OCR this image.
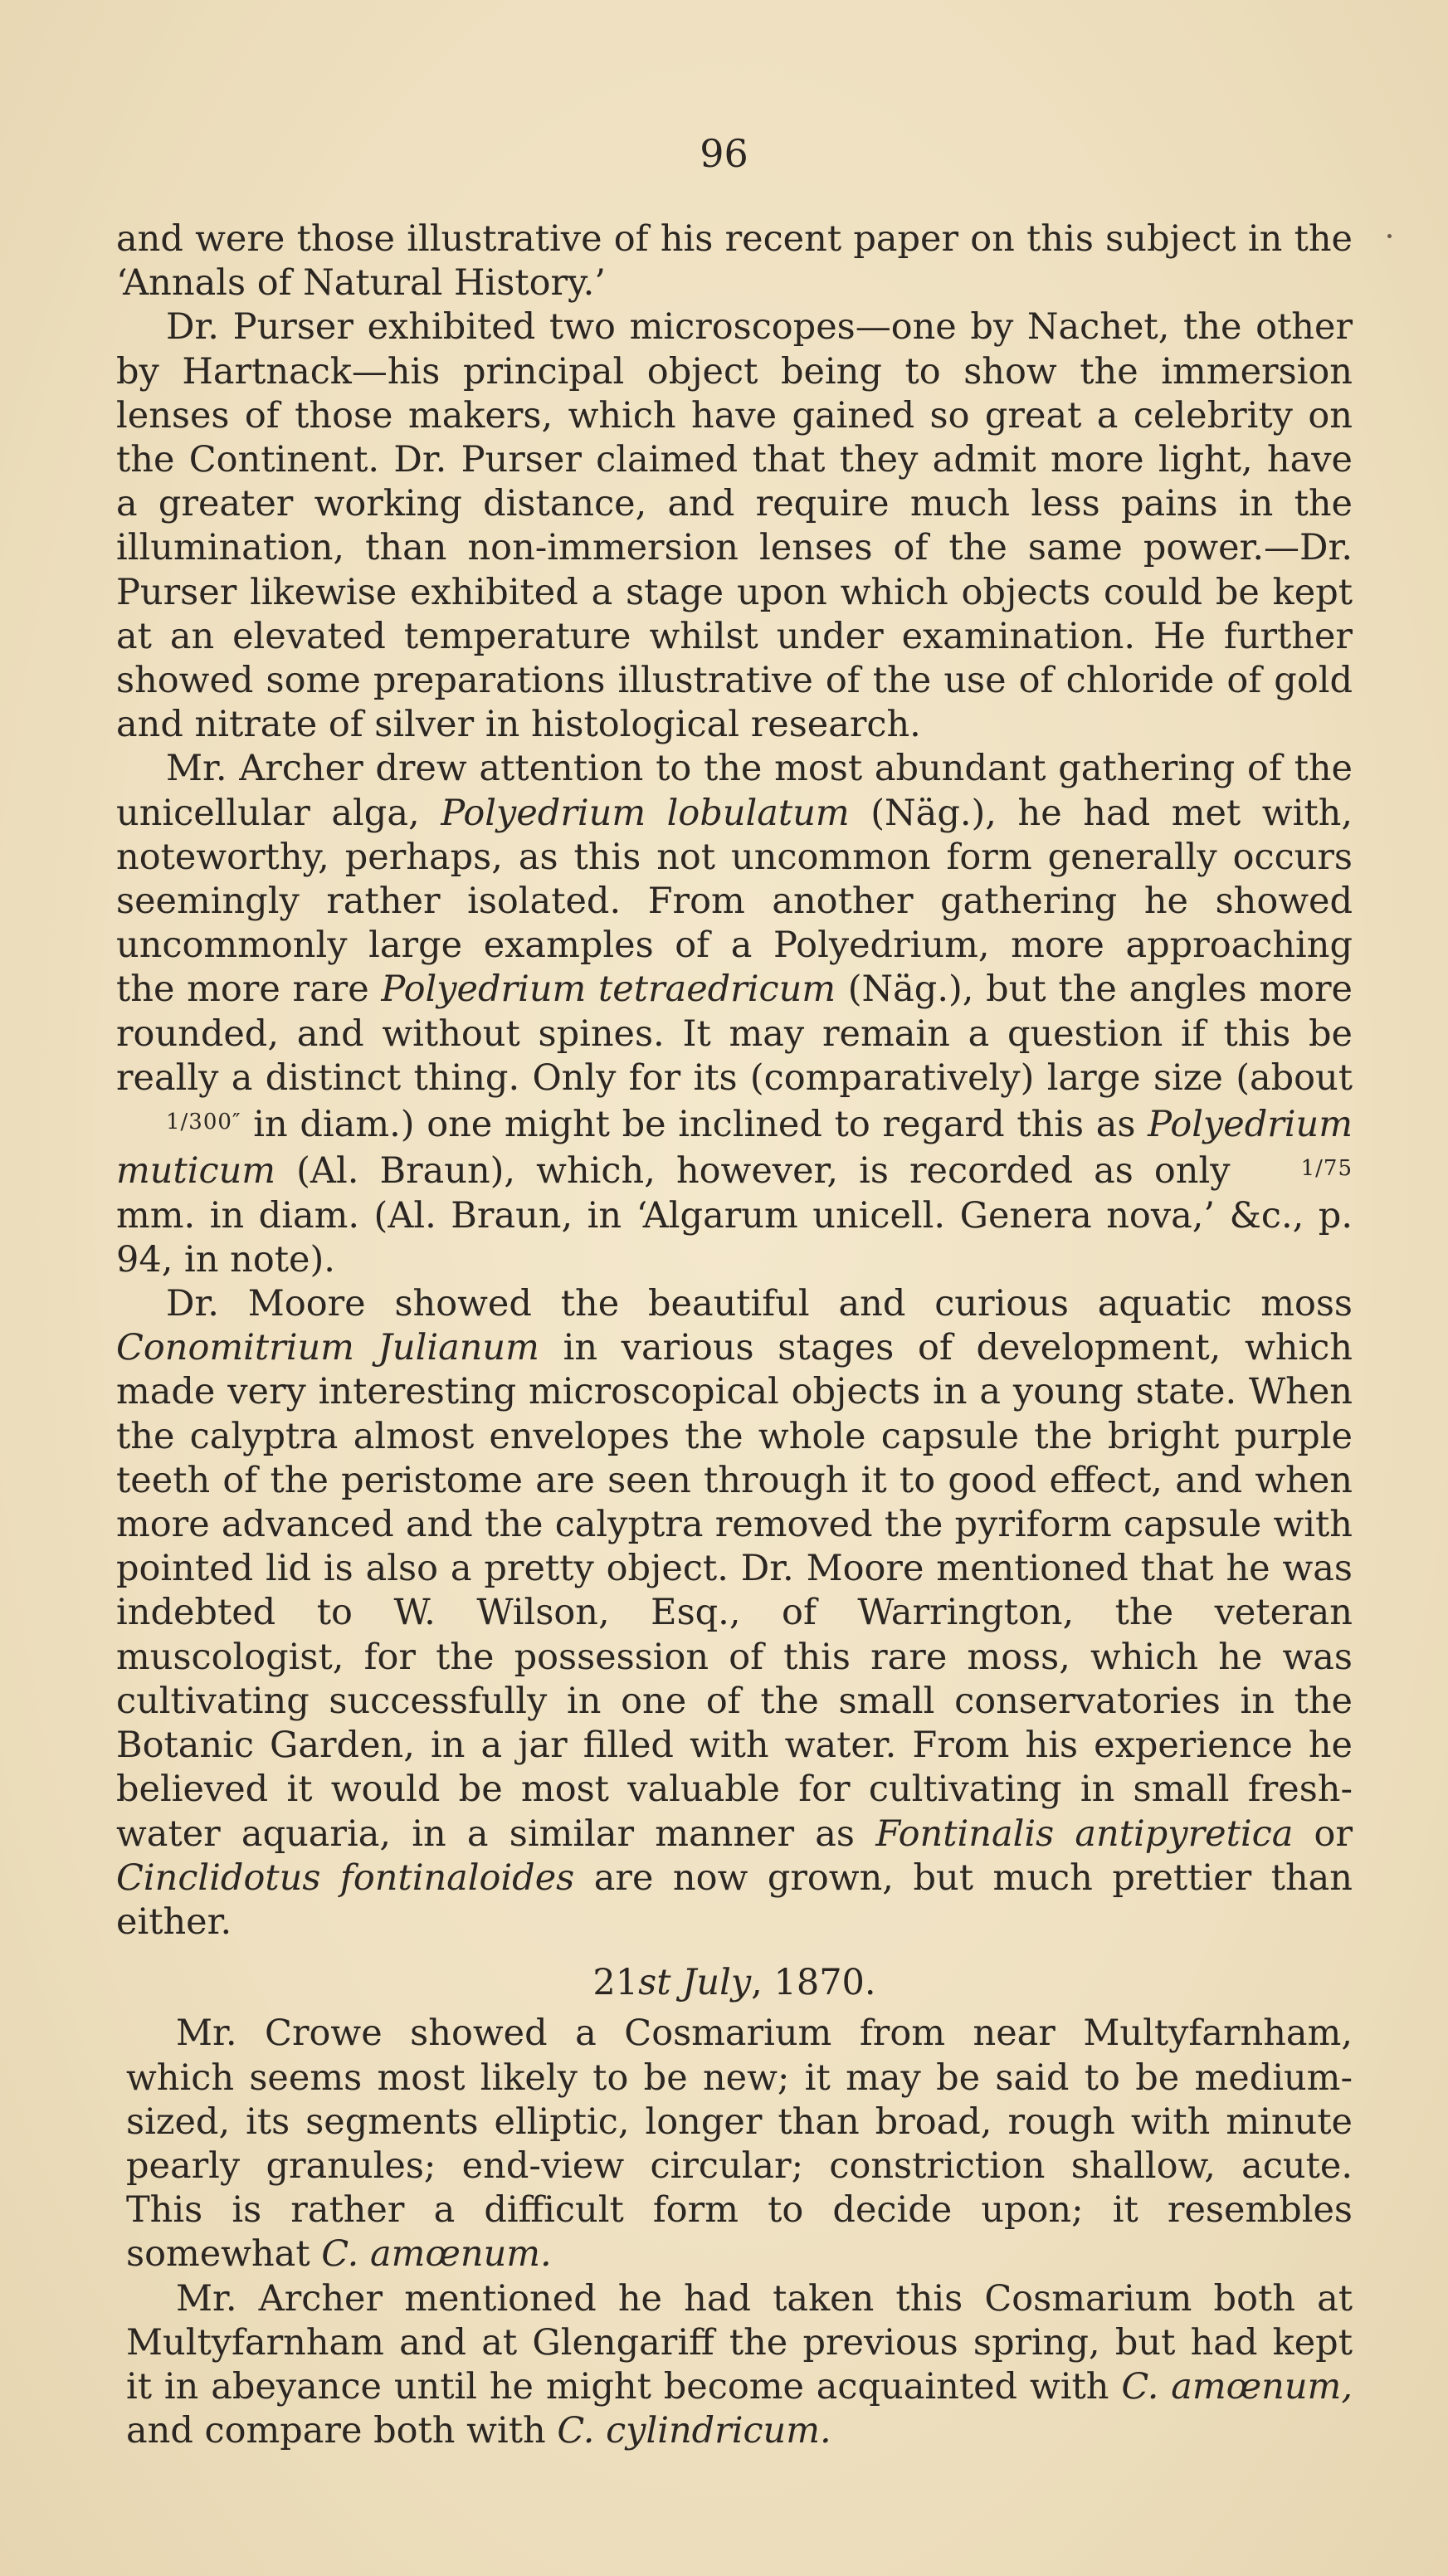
96

and were those illustrative of his recent paper on this subject in the ‘Annals of Natural History.’

Dr. Purser exhibited two microscopes—one by Nachet, the other by Hartnack—his principal object being to show the immersion lenses of those makers, which have gained so great a celebrity on the Continent. Dr. Purser claimed that they admit more light, have a greater working distance, and require much less pains in the illumination, than non-immersion lenses of the same power.—Dr. Purser likewise exhibited a stage upon which objects could be kept at an elevated temperature whilst under examination. He further showed some preparations illustrative of the use of chloride of gold and nitrate of silver in histological research.

Mr. Archer drew attention to the most abundant gathering of the unicellular alga, Polyedrium lobulatum (Näg.), he had met with, noteworthy, perhaps, as this not uncommon form generally occurs seemingly rather isolated. From another gathering he showed uncommonly large examples of a Polyedrium, more approaching the more rare Polyedrium tetraedricum (Näg.), but the angles more rounded, and without spines. It may remain a question if this be really a distinct thing. Only for its (comparatively) large size (about 1/300″ in diam.) one might be inclined to regard this as Polyedrium muticum (Al. Braun), which, however, is recorded as only 1/75 mm. in diam. (Al. Braun, in ‘Algarum unicell. Genera nova,’ &c., p. 94, in note).

Dr. Moore showed the beautiful and curious aquatic moss Conomitrium Julianum in various stages of development, which made very interesting microscopical objects in a young state. When the calyptra almost envelopes the whole capsule the bright purple teeth of the peristome are seen through it to good effect, and when more advanced and the calyptra removed the pyriform capsule with pointed lid is also a pretty object. Dr. Moore mentioned that he was indebted to W. Wilson, Esq., of Warrington, the veteran muscologist, for the possession of this rare moss, which he was cultivating successfully in one of the small conservatories in the Botanic Garden, in a jar filled with water. From his experience he believed it would be most valuable for cultivating in small fresh-water aquaria, in a similar manner as Fontinalis antipyretica or Cinclidotus fontinaloides are now grown, but much prettier than either.

21st July, 1870.

Mr. Crowe showed a Cosmarium from near Multyfarnham, which seems most likely to be new; it may be said to be medium-sized, its segments elliptic, longer than broad, rough with minute pearly granules; end-view circular; constriction shallow, acute. This is rather a difficult form to decide upon; it resembles somewhat C. amœnum.

Mr. Archer mentioned he had taken this Cosmarium both at Multyfarnham and at Glengariff the previous spring, but had kept it in abeyance until he might become acquainted with C. amœnum, and compare both with C. cylindricum.
